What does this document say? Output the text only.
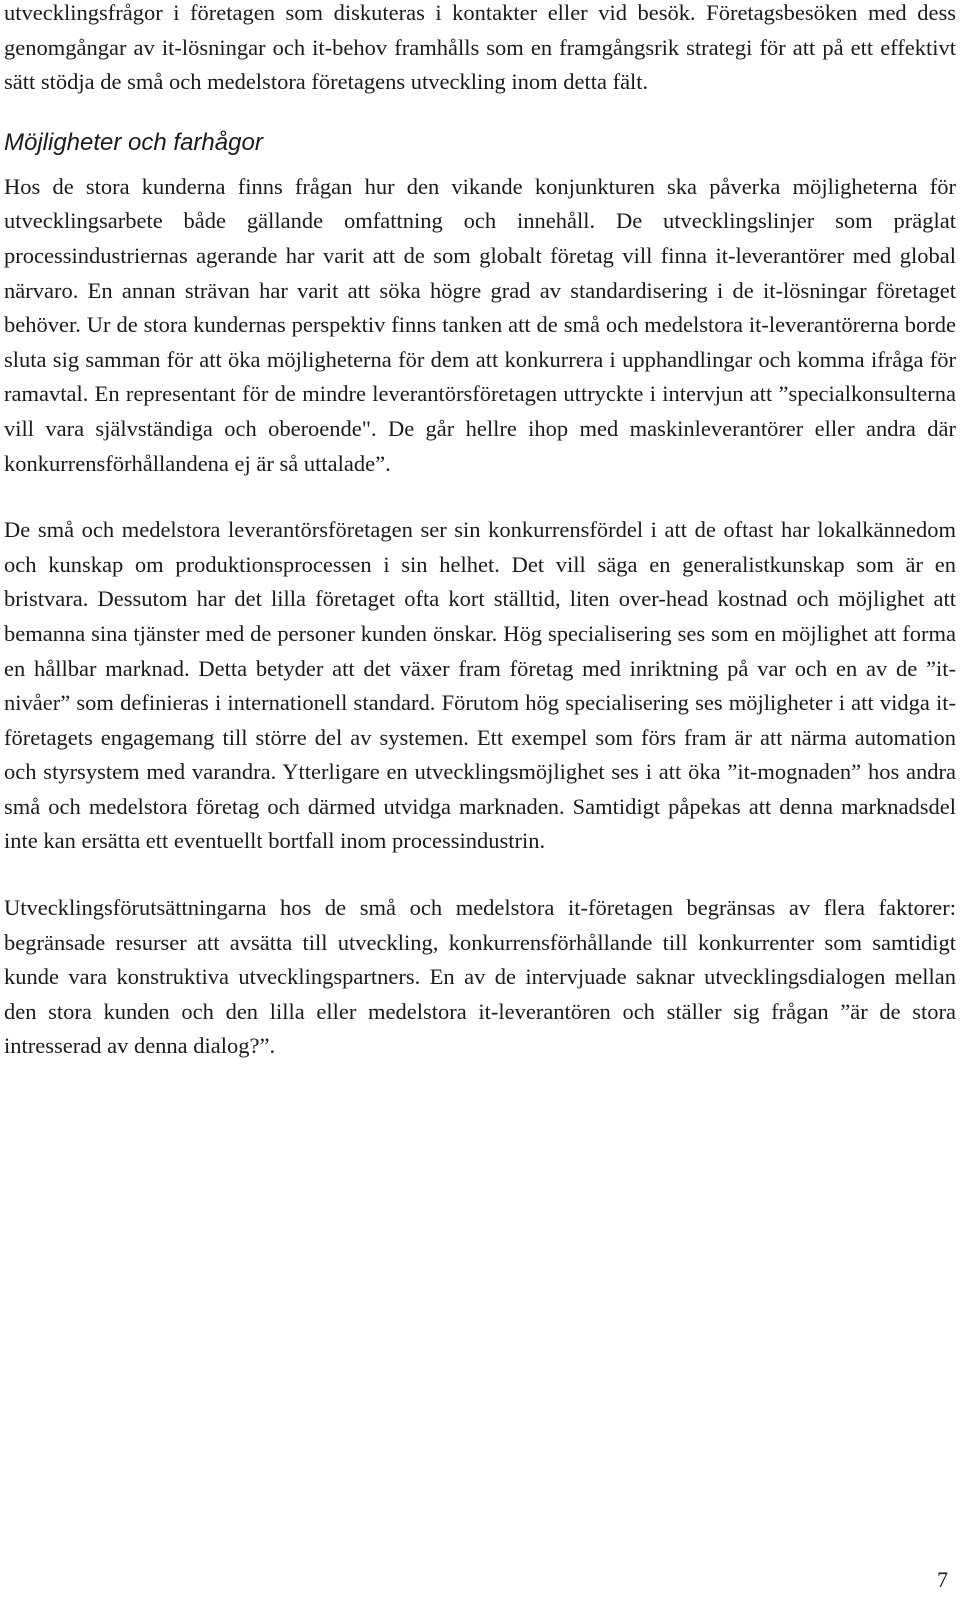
utvecklingsfrågor i företagen som diskuteras i kontakter eller vid besök. Företagsbesöken med dess genomgångar av it-lösningar och it-behov framhålls som en framgångsrik strategi för att på ett effektivt sätt stödja de små och medelstora företagens utveckling inom detta fält.

Möjligheter och farhågor

Hos de stora kunderna finns frågan hur den vikande konjunkturen ska påverka möjligheterna för utvecklingsarbete både gällande omfattning och innehåll. De utvecklingslinjer som präglat processindustriernas agerande har varit att de som globalt företag vill finna it-leverantörer med global närvaro. En annan strävan har varit att söka högre grad av standardisering i de it-lösningar företaget behöver. Ur de stora kundernas perspektiv finns tanken att de små och medelstora it-leverantörerna borde sluta sig samman för att öka möjligheterna för dem att konkurrera i upphandlingar och komma ifråga för ramavtal. En representant för de mindre leverantörsföretagen uttryckte i intervjun att ”specialkonsulterna vill vara självständiga och oberoende". De går hellre ihop med maskinleverantörer eller andra där konkurrensförhållandena ej är så uttalade”.

De små och medelstora leverantörsföretagen ser sin konkurrensfördel i att de oftast har lokalkännedom och kunskap om produktionsprocessen i sin helhet. Det vill säga en generalistkunskap som är en bristvara. Dessutom har det lilla företaget ofta kort ställtid, liten over-head kostnad och möjlighet att bemanna sina tjänster med de personer kunden önskar. Hög specialisering ses som en möjlighet att forma en hållbar marknad. Detta betyder att det växer fram företag med inriktning på var och en av de ”it-nivåer” som definieras i internationell standard. Förutom hög specialisering ses möjligheter i att vidga it-företagets engagemang till större del av systemen. Ett exempel som förs fram är att närma automation och styrsystem med varandra. Ytterligare en utvecklingsmöjlighet ses i att öka ”it-mognaden” hos andra små och medelstora företag och därmed utvidga marknaden. Samtidigt påpekas att denna marknadsdel inte kan ersätta ett eventuellt bortfall inom processindustrin.

Utvecklingsförutsättningarna hos de små och medelstora it-företagen begränsas av flera faktorer: begränsade resurser att avsätta till utveckling, konkurrensförhållande till konkurrenter som samtidigt kunde vara konstruktiva utvecklingspartners. En av de intervjuade saknar utvecklingsdialogen mellan den stora kunden och den lilla eller medelstora it-leverantören och ställer sig frågan ”är de stora intresserad av denna dialog?”.

7
